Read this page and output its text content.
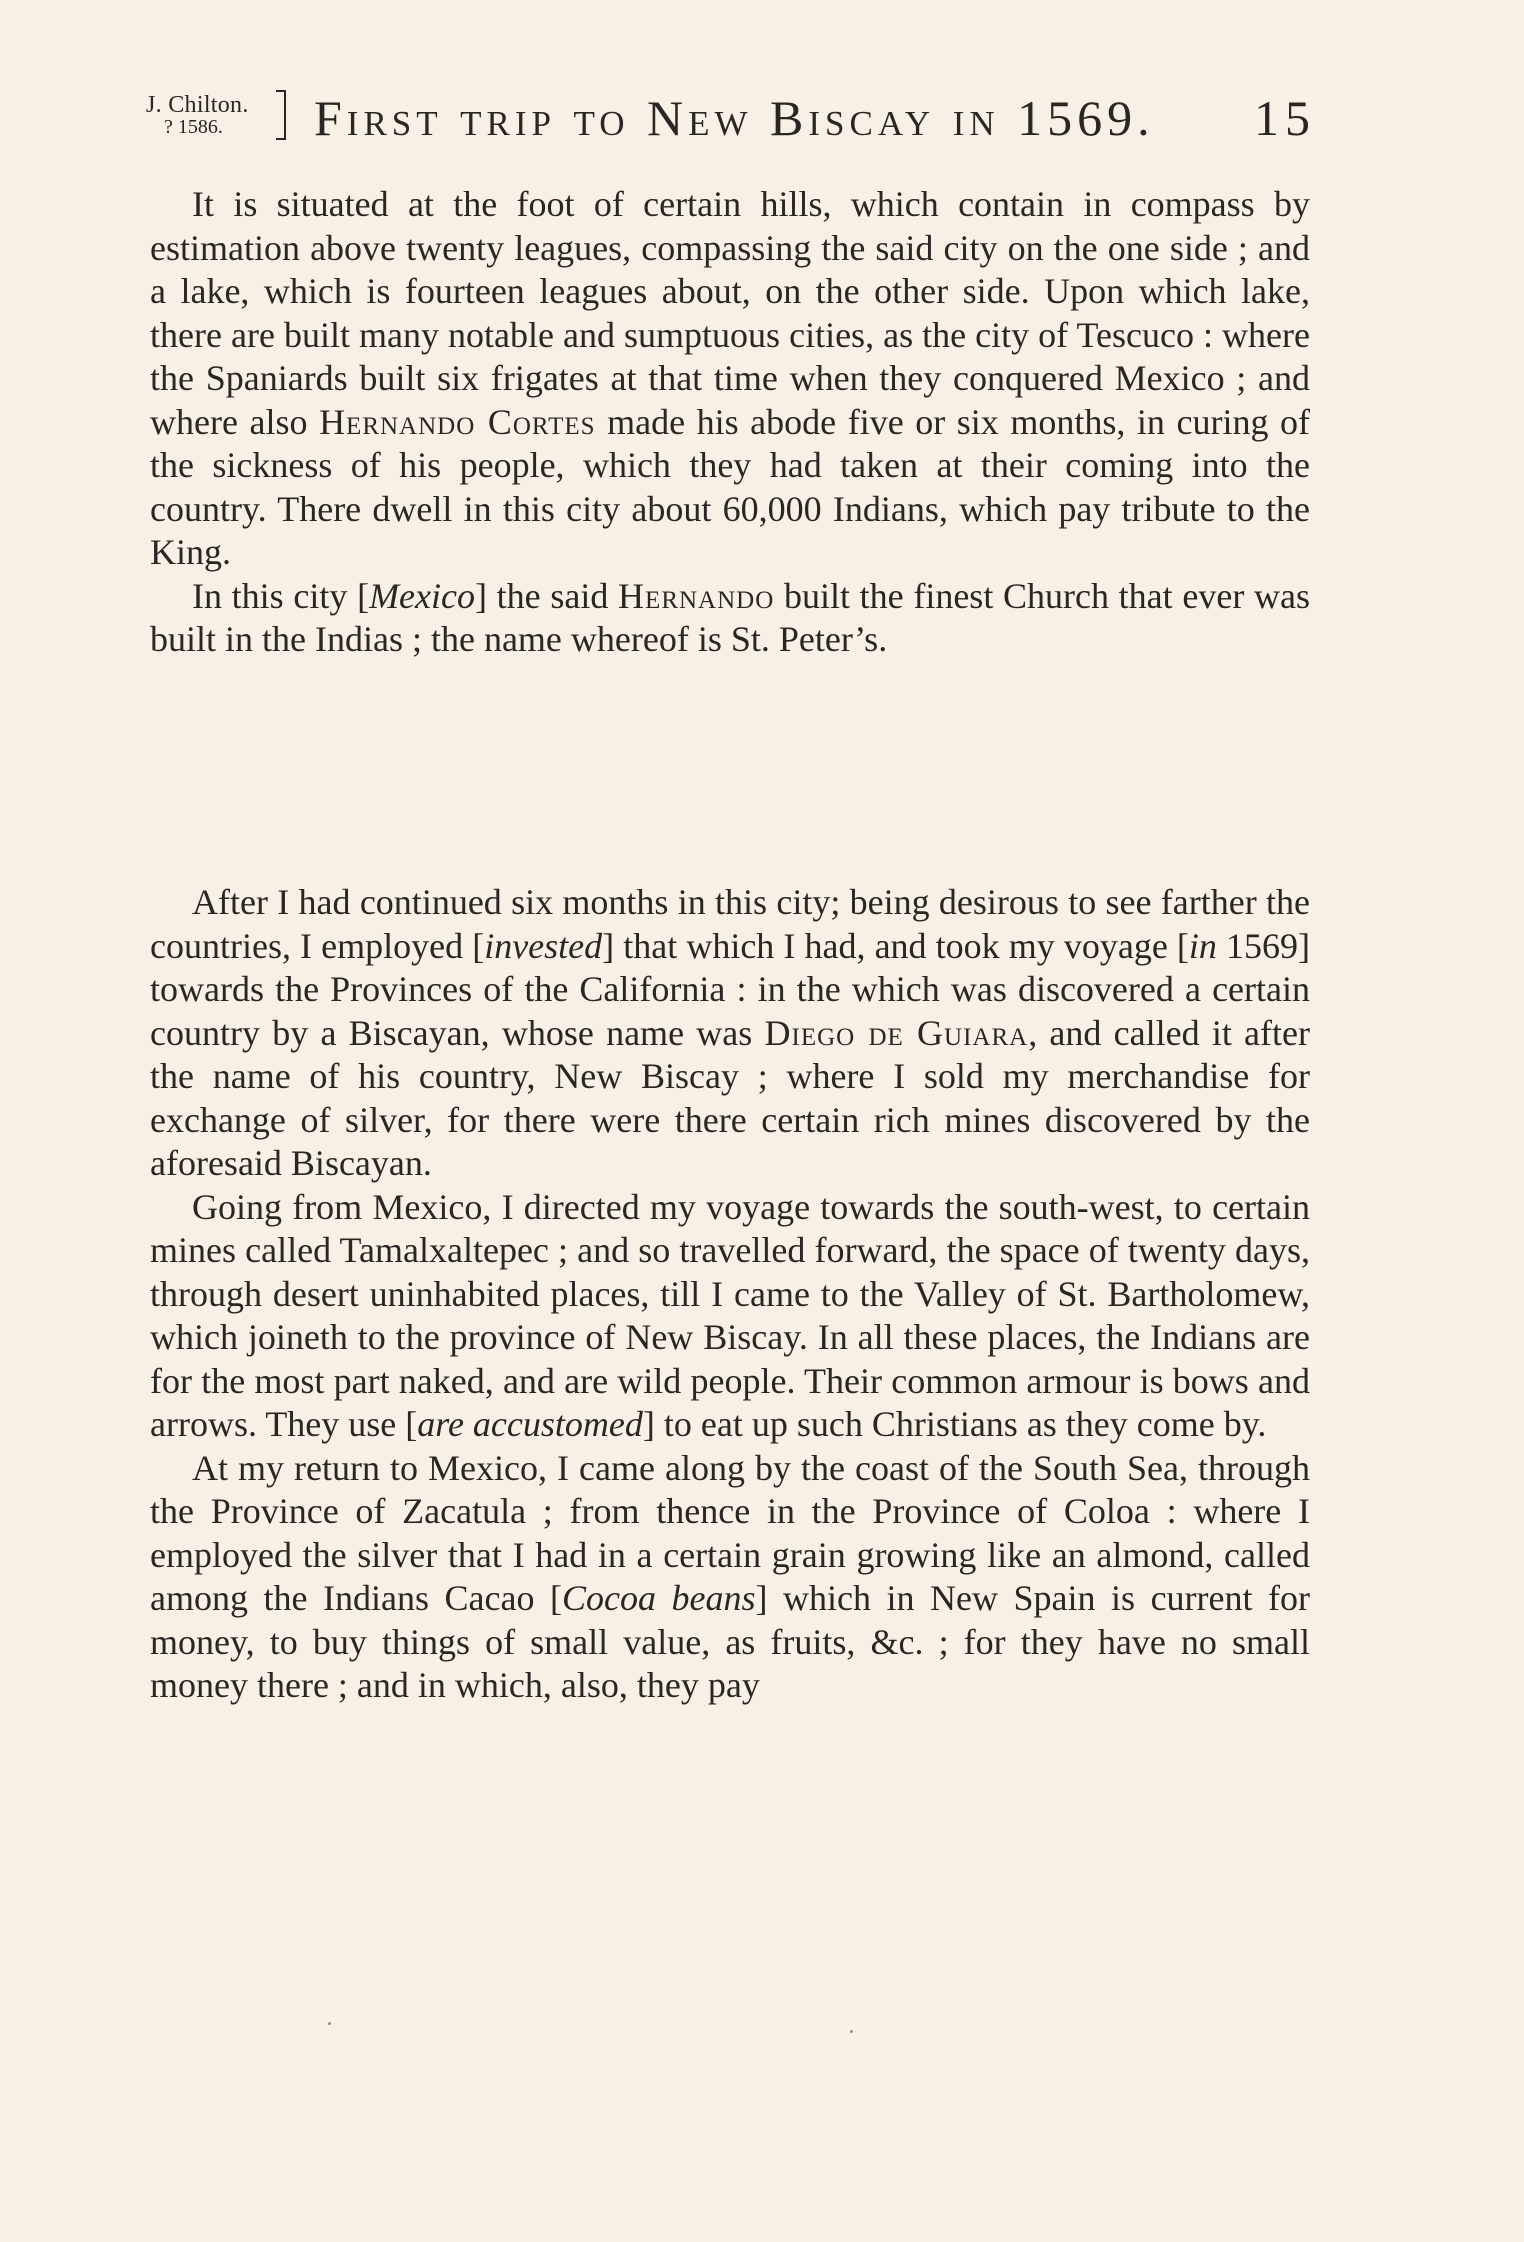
J. Chilton.
? 1586. First trip to New Biscay in 1569. 15

It is situated at the foot of certain hills, which contain in compass by estimation above twenty leagues, compassing the said city on the one side ; and a lake, which is fourteen leagues about, on the other side. Upon which lake, there are built many notable and sumptuous cities, as the city of Tescuco : where the Spaniards built six frigates at that time when they conquered Mexico ; and where also Hernando Cortes made his abode five or six months, in curing of the sickness of his people, which they had taken at their coming into the country. There dwell in this city about 60,000 Indians, which pay tribute to the King.

In this city [Mexico] the said Hernando built the finest Church that ever was built in the Indias ; the name whereof is St. Peter’s.

After I had continued six months in this city; being desirous to see farther the countries, I employed [invested] that which I had, and took my voyage [in 1569] towards the Provinces of the California : in the which was discovered a certain country by a Biscayan, whose name was Diego de Guiara, and called it after the name of his country, New Biscay ; where I sold my merchandise for exchange of silver, for there were there certain rich mines discovered by the aforesaid Biscayan.

Going from Mexico, I directed my voyage towards the south-west, to certain mines called Tamalxaltepec ; and so travelled forward, the space of twenty days, through desert uninhabited places, till I came to the Valley of St. Bartholomew, which joineth to the province of New Biscay. In all these places, the Indians are for the most part naked, and are wild people. Their common armour is bows and arrows. They use [are accustomed] to eat up such Christians as they come by.

At my return to Mexico, I came along by the coast of the South Sea, through the Province of Zacatula ; from thence in the Province of Coloa : where I employed the silver that I had in a certain grain growing like an almond, called among the Indians Cacao [Cocoa beans] which in New Spain is current for money, to buy things of small value, as fruits, &c. ; for they have no small money there ; and in which, also, they pay
